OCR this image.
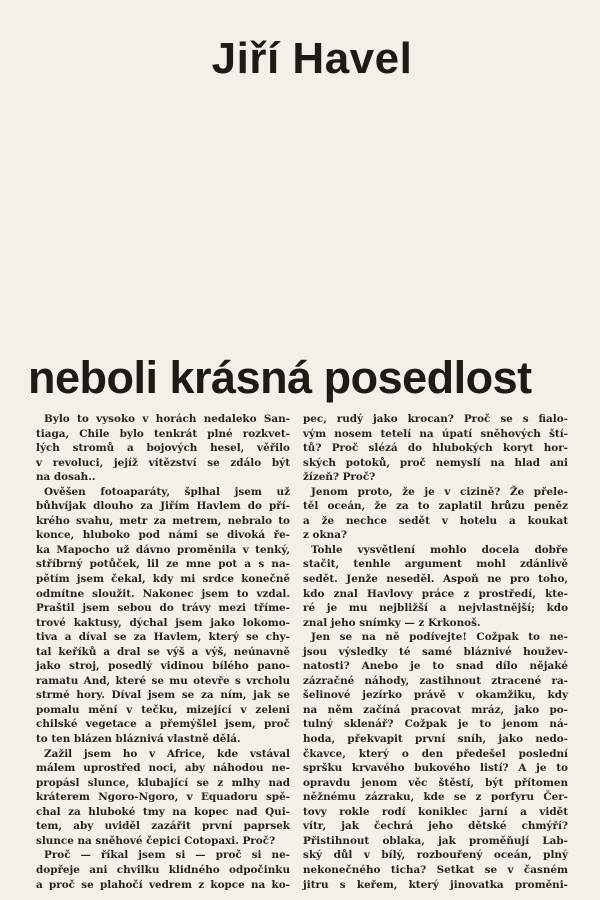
Jiří Havel
neboli krásná posedlost
Bylo to vysoko v horách nedaleko San-
tiaga, Chile bylo tenkrát plné rozkvet-
lých stromů a bojových hesel, věřilo
v revoluci, jejíž vítězství se zdálo být
na dosah..
Ověšen fotoaparáty, šplhal jsem už
bůhvíjak dlouho za Jiřím Havlem do pří-
krého svahu, metr za metrem, nebralo to
konce, hluboko pod námi se divoká ře-
ka Mapocho už dávno proměnila v tenký,
stříbrný potůček, lil ze mne pot a s na-
pětím jsem čekal, kdy mi srdce konečně
odmítne sloužit. Nakonec jsem to vzdal.
Praštil jsem sebou do trávy mezi tříme-
trové kaktusy, dýchal jsem jako lokomo-
tiva a díval se za Havlem, který se chy-
tal keříků a dral se výš a výš, neúnavně
jako stroj, posedlý vidinou bílého pano-
ramatu And, které se mu otevře s vrcholu
strmé hory. Díval jsem se za ním, jak se
pomalu mění v tečku, mizející v zeleni
chilské vegetace a přemýšlel jsem, proč
to ten blázen bláznivá vlastně dělá.
Zažil jsem ho v Africe, kde vstával
málem uprostřed noci, aby náhodou ne-
propásl slunce, klubající se z mlhy nad
kráterem Ngoro-Ngoro, v Equadoru spě-
chal za hluboké tmy na kopec nad Qui-
tem, aby uviděl zazářit první paprsek
slunce na sněhové čepici Cotopaxi. Proč?
Proč — říkal jsem si — proč si ne-
dopřeje ani chvilku klidného odpočinku
a proč se plahočí vedrem z kopce na ko-
pec, rudý jako krocan? Proč se s fialo-
vým nosem tetelí na úpatí sněhových ští-
tů? Proč slézá do hlubokých koryt hor-
ských potoků, proč nemyslí na hlad ani
žízeň? Proč?
Jenom proto, že je v cizině? Že přele-
těl oceán, že za to zaplatil hrůzu peněz
a že nechce sedět v hotelu a koukat
z okna?
Tohle vysvětlení mohlo docela dobře
stačit, tenhle argument mohl zdánlivě
sedět. Jenže neseděl. Aspoň ne pro toho,
kdo znal Havlovy práce z prostředí, kte-
ré je mu nejbližší a nejvlastnější; kdo
znal jeho snímky — z Krkonoš.
Jen se na ně podívejte! Cožpak to ne-
jsou výsledky té samé bláznivé houžev-
natosti? Anebo je to snad dílo nějaké
zázračné náhody, zastihnout ztracené ra-
šelinové jezírko právě v okamžiku, kdy
na něm začíná pracovat mráz, jako po-
tulný sklenář? Cožpak je to jenom ná-
hoda, překvapit první sníh, jako nedo-
čkavce, který o den předešel poslední
spršku krvavého bukového listí? A je to
opravdu jenom věc štěstí, být přítomen
něžnému zázraku, kde se z porfyru Čer-
tovy rokle rodí koniklec jarní a vidět
vítr, jak čechrá jeho dětské chmýří?
Přistihnout oblaka, jak proměňují Lab-
ský důl v bílý, rozbouřený oceán, plný
nekonečného ticha? Setkat se v časném
jitru s keřem, který jinovatka proměni-
